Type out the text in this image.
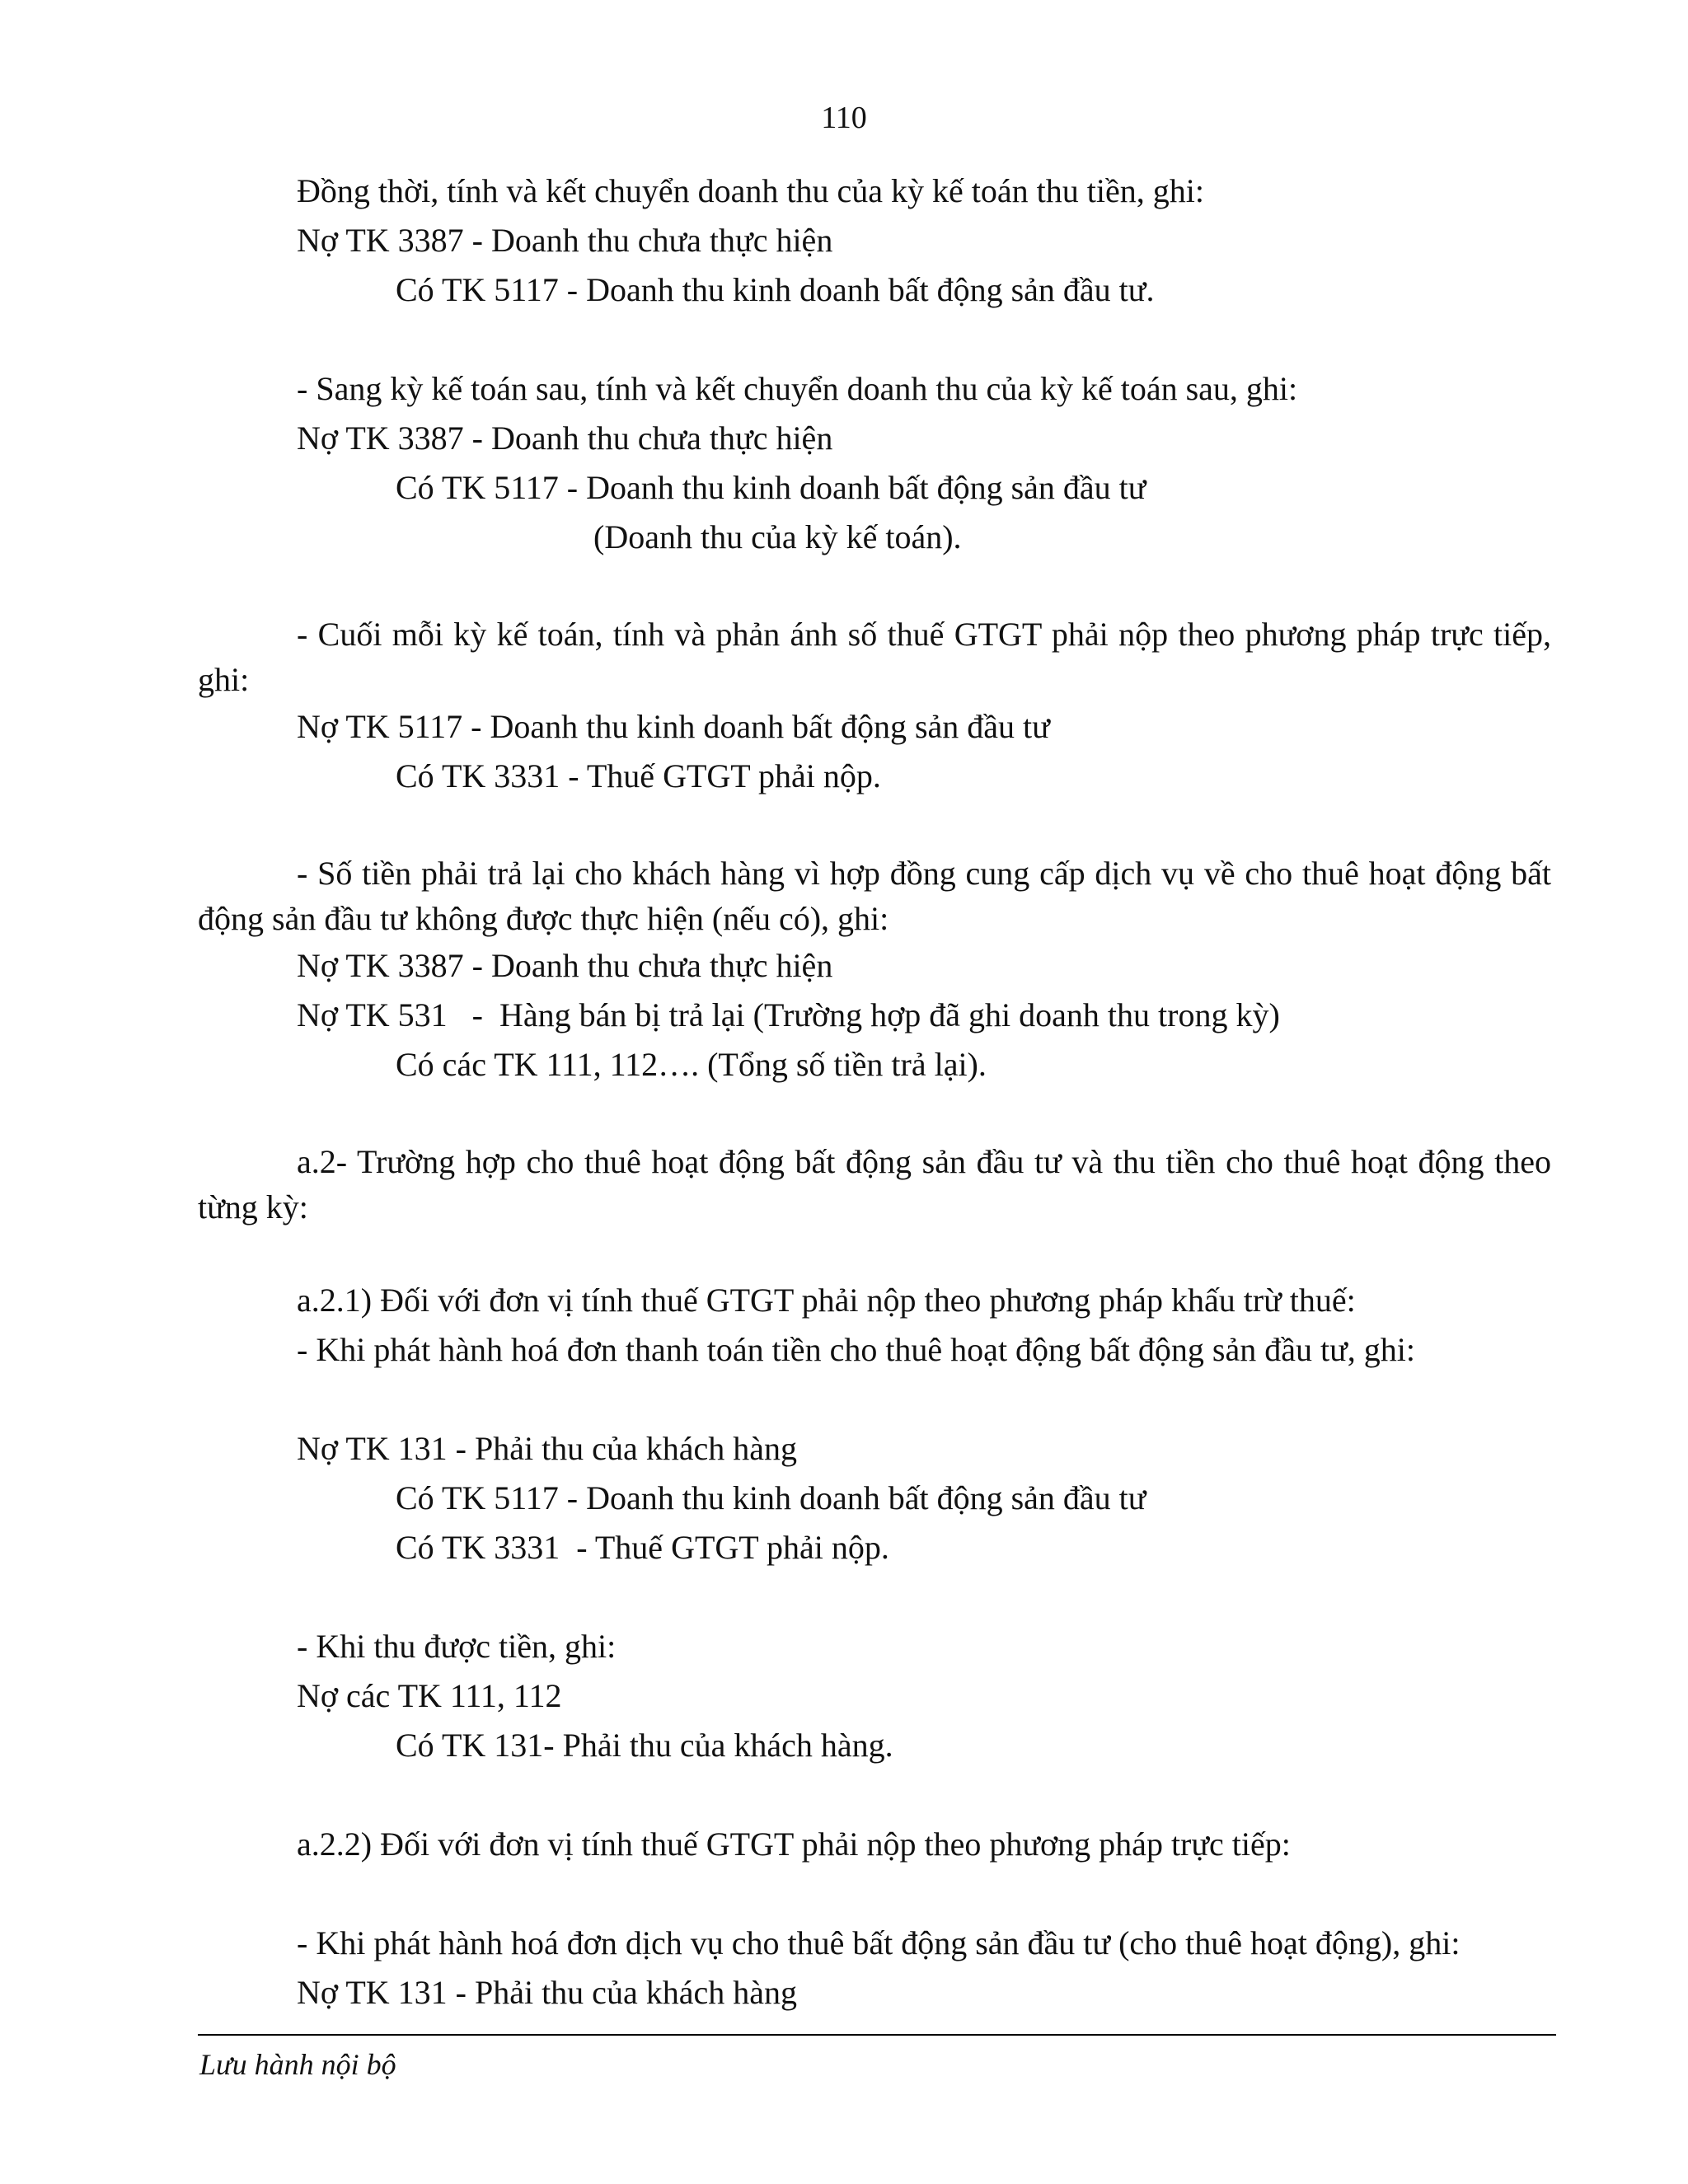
110
Đồng thời, tính và kết chuyển doanh thu của kỳ kế toán thu tiền, ghi:
Nợ TK 3387 - Doanh thu chưa thực hiện
Có TK 5117 - Doanh thu kinh doanh bất động sản đầu tư.
- Sang kỳ kế toán sau, tính và kết chuyển doanh thu của kỳ kế toán sau, ghi:
Nợ TK 3387 - Doanh thu chưa thực hiện
Có TK 5117 - Doanh thu kinh doanh bất động sản đầu tư
(Doanh thu của kỳ kế toán).

- Cuối mỗi kỳ kế toán, tính và phản ánh số thuế GTGT phải nộp theo phương pháp trực tiếp, ghi:

Nợ TK 5117 - Doanh thu kinh doanh bất động sản đầu tư
Có TK 3331 - Thuế GTGT phải nộp.

- Số tiền phải trả lại cho khách hàng vì hợp đồng cung cấp dịch vụ về cho thuê hoạt động bất động sản đầu tư không được thực hiện (nếu có), ghi:

Nợ TK 3387 - Doanh thu chưa thực hiện
Nợ TK 531   -  Hàng bán bị trả lại (Trường hợp đã ghi doanh thu trong kỳ)
Có các TK 111, 112…. (Tổng số tiền trả lại).

a.2- Trường hợp cho thuê hoạt động bất động sản đầu tư và thu tiền cho thuê hoạt động theo từng kỳ:

a.2.1) Đối với đơn vị tính thuế GTGT phải nộp theo phương pháp khấu trừ thuế:
- Khi phát hành hoá đơn thanh toán tiền cho thuê hoạt động bất động sản đầu tư, ghi:
Nợ TK 131 - Phải thu của khách hàng
Có TK 5117 - Doanh thu kinh doanh bất động sản đầu tư
Có TK 3331  - Thuế GTGT phải nộp.
- Khi thu được tiền, ghi:
Nợ các TK 111, 112
Có TK 131- Phải thu của khách hàng.
a.2.2) Đối với đơn vị tính thuế GTGT phải nộp theo phương pháp trực tiếp:
- Khi phát hành hoá đơn dịch vụ cho thuê bất động sản đầu tư (cho thuê hoạt động), ghi:
Nợ TK 131 - Phải thu của khách hàng
Lưu hành nội bộ
